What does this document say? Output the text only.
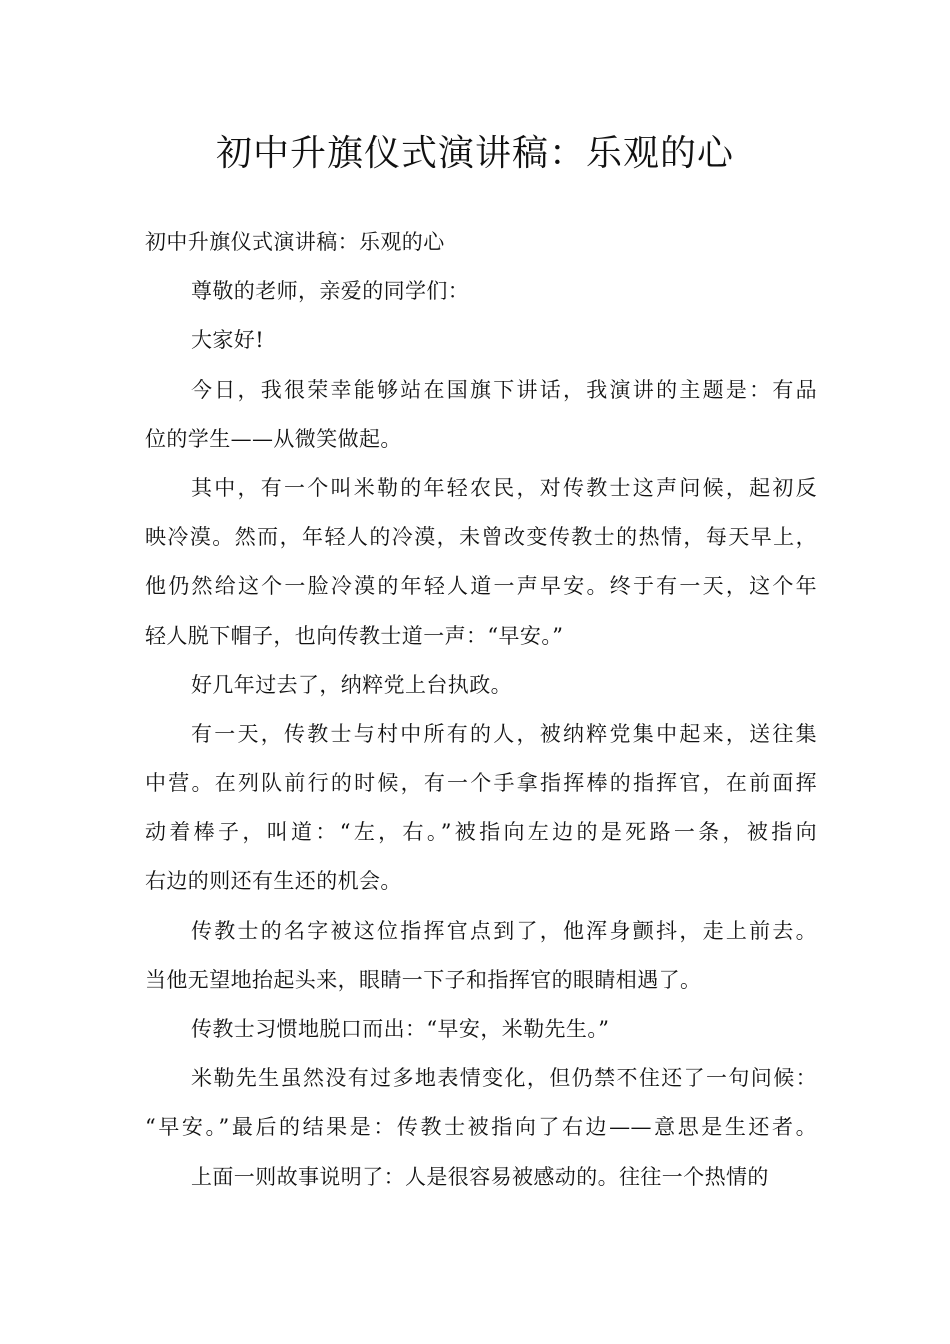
初中升旗仪式演讲稿：乐观的心
初中升旗仪式演讲稿：乐观的心
尊敬的老师，亲爱的同学们：
大家好!
今日，我很荣幸能够站在国旗下讲话，我演讲的主题是：有品
位的学生——从微笑做起。
其中，有一个叫米勒的年轻农民，对传教士这声问候，起初反
映冷漠。然而，年轻人的冷漠，未曾改变传教士的热情，每天早上，
他仍然给这个一脸冷漠的年轻人道一声早安。终于有一天，这个年
轻人脱下帽子，也向传教士道一声：“早安。”
好几年过去了，纳粹党上台执政。
有一天，传教士与村中所有的人，被纳粹党集中起来，送往集
中营。在列队前行的时候，有一个手拿指挥棒的指挥官，在前面挥
动着棒子，叫道：“左，右。”被指向左边的是死路一条，被指向
右边的则还有生还的机会。
传教士的名字被这位指挥官点到了，他浑身颤抖，走上前去。
当他无望地抬起头来，眼睛一下子和指挥官的眼睛相遇了。
传教士习惯地脱口而出：“早安，米勒先生。”
米勒先生虽然没有过多地表情变化，但仍禁不住还了一句问候：
“早安。”最后的结果是：传教士被指向了右边——意思是生还者。
上面一则故事说明了：人是很容易被感动的。往往一个热情的
